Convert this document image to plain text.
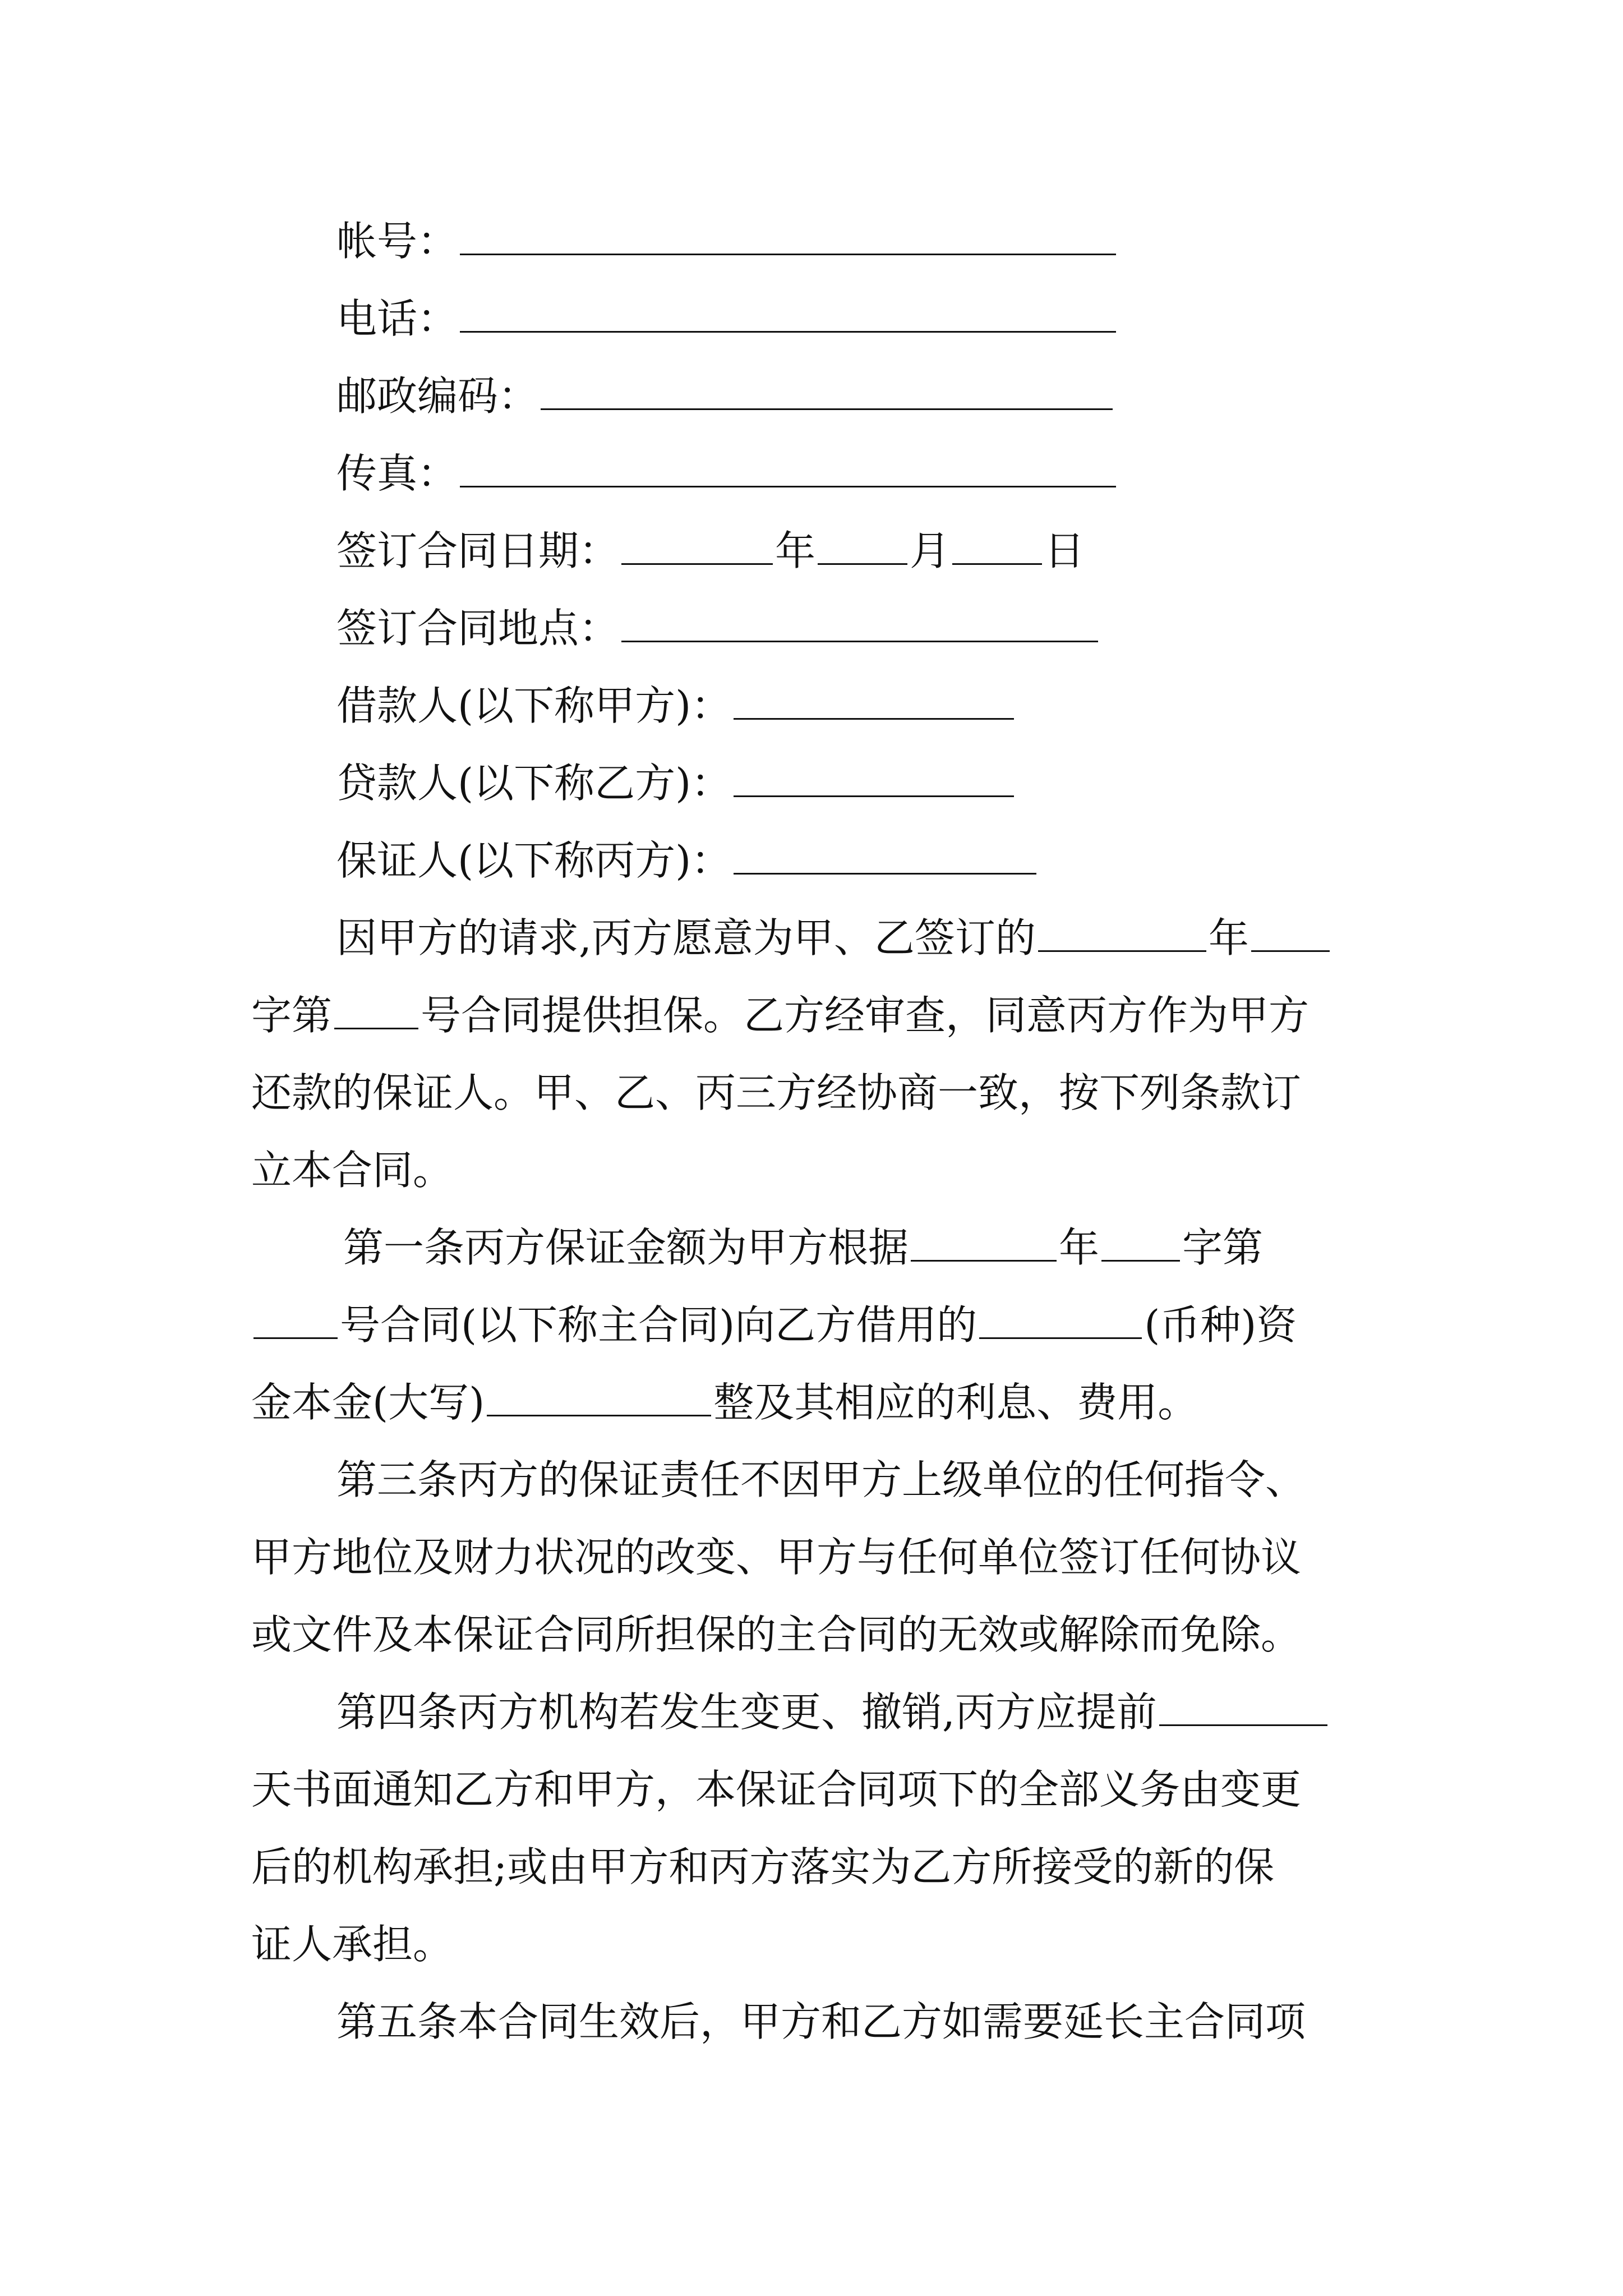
帐号：
电话：
邮政编码：
传真：
签订合同日期：	年 月 日
签订合同地点：
借款人(以下称甲方)：
贷款人(以下称乙方)：
保证人(以下称丙方)：
因甲方的请求,丙方愿意为甲、乙签订的	年
字第 号合同提供担保。乙方经审查，同意丙方作为甲方
还款的保证人。甲、乙、丙三方经协商一致，按下列条款订
立本合同。
第一条丙方保证金额为甲方根据	年 字第
号合同(以下称主合同)向乙方借用的	(币种)资
金本金(大写)	整及其相应的利息、费用。
第三条丙方的保证责任不因甲方上级单位的任何指令、
甲方地位及财力状况的改变、甲方与任何单位签订任何协议
或文件及本保证合同所担保的主合同的无效或解除而免除。
第四条丙方机构若发生变更、撤销,丙方应提前
天书面通知乙方和甲方，本保证合同项下的全部义务由变更
后的机构承担;或由甲方和丙方落实为乙方所接受的新的保
证人承担。
第五条本合同生效后，甲方和乙方如需要延长主合同项
